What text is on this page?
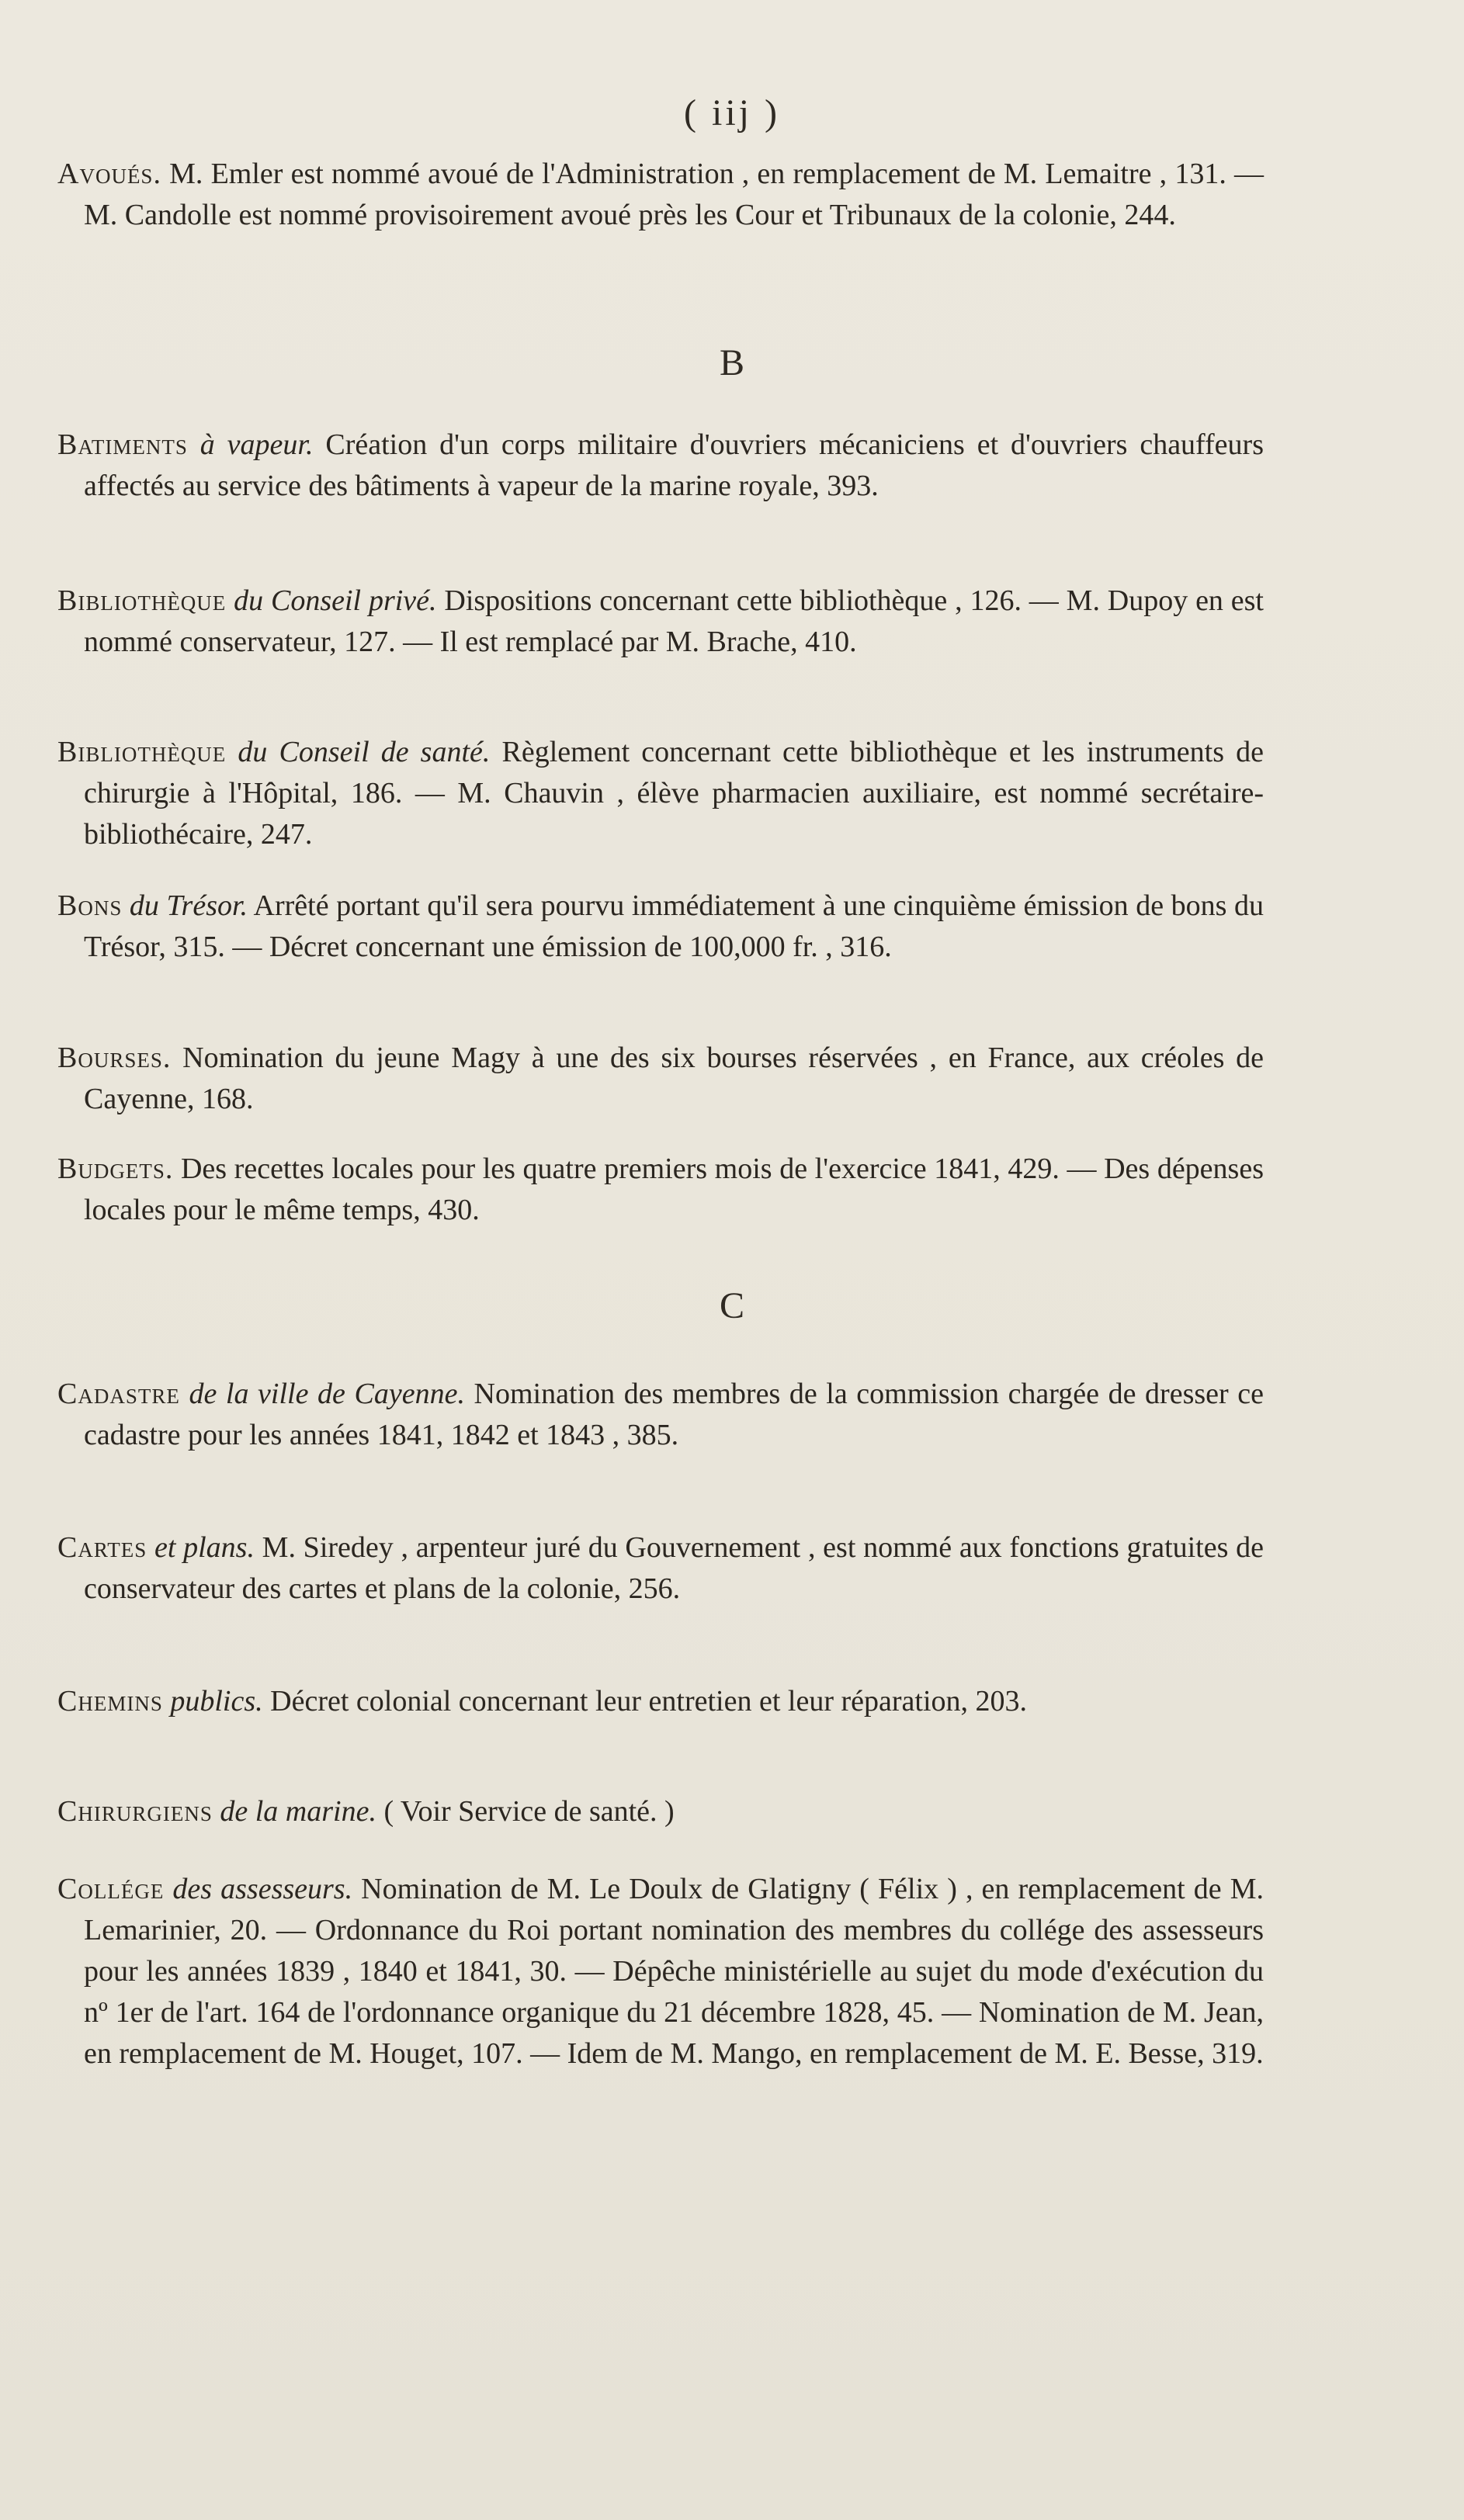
( iij )
Avoués. M. Emler est nommé avoué de l'Administration , en remplacement de M. Lemaitre , 131. — M. Candolle est nommé provisoirement avoué près les Cour et Tribunaux de la colonie, 244.
B
Batiments à vapeur. Création d'un corps militaire d'ouvriers mécaniciens et d'ouvriers chauffeurs affectés au service des bâtiments à vapeur de la marine royale, 393.
Bibliothèque du Conseil privé. Dispositions concernant cette bibliothèque , 126. — M. Dupoy en est nommé conservateur, 127. — Il est remplacé par M. Brache, 410.
Bibliothèque du Conseil de santé. Règlement concernant cette bibliothèque et les instruments de chirurgie à l'Hôpital, 186. — M. Chauvin , élève pharmacien auxiliaire, est nommé secrétaire-bibliothécaire, 247.
Bons du Trésor. Arrêté portant qu'il sera pourvu immédiatement à une cinquième émission de bons du Trésor, 315. — Décret concernant une émission de 100,000 fr. , 316.
Bourses. Nomination du jeune Magy à une des six bourses réservées , en France, aux créoles de Cayenne, 168.
Budgets. Des recettes locales pour les quatre premiers mois de l'exercice 1841, 429. — Des dépenses locales pour le même temps, 430.
C
Cadastre de la ville de Cayenne. Nomination des membres de la commission chargée de dresser ce cadastre pour les années 1841, 1842 et 1843 , 385.
Cartes et plans. M. Siredey , arpenteur juré du Gouvernement , est nommé aux fonctions gratuites de conservateur des cartes et plans de la colonie, 256.
Chemins publics. Décret colonial concernant leur entretien et leur réparation, 203.
Chirurgiens de la marine. ( Voir Service de santé. )
Collége des assesseurs. Nomination de M. Le Doulx de Glatigny ( Félix ) , en remplacement de M. Lemarinier, 20. — Ordonnance du Roi portant nomination des membres du collége des assesseurs pour les années 1839 , 1840 et 1841, 30. — Dépêche ministérielle au sujet du mode d'exécution du nº 1er de l'art. 164 de l'ordonnance organique du 21 décembre 1828, 45. — Nomination de M. Jean, en remplacement de M. Houget, 107. — Idem de M. Mango, en remplacement de M. E. Besse, 319.
